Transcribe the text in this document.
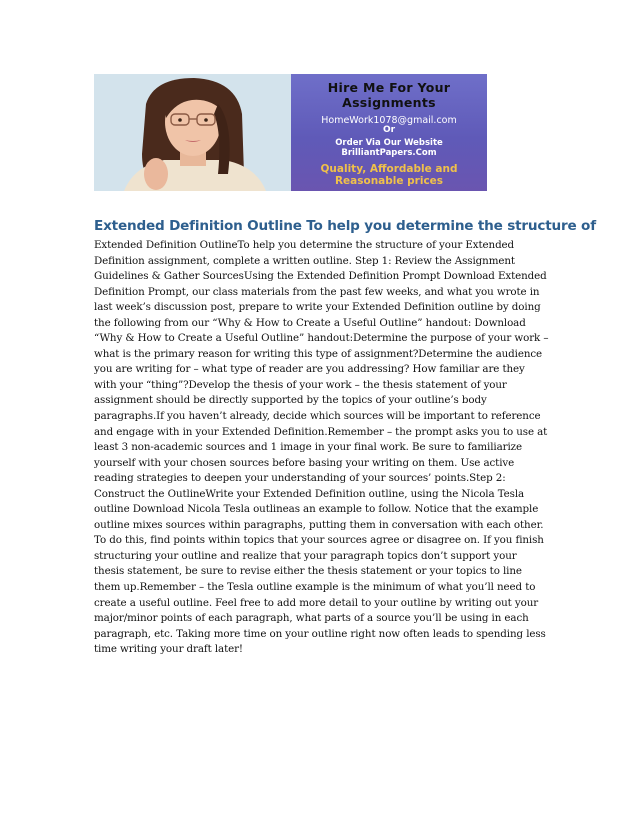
Hire Me For Your
Assignments
HomeWork1078@gmail.com
Or
Order Via Our Website
BrilliantPapers.Com
Quality, Affordable and
Reasonable prices
Extended Definition Outline To help you determine the structure of

Extended Definition OutlineTo help you determine the structure of your Extended Definition assignment, complete a written outline. Step 1: Review the Assignment Guidelines & Gather SourcesUsing the Extended Definition Prompt Download Extended Definition Prompt, our class materials from the past few weeks, and what you wrote in last week’s discussion post, prepare to write your Extended Definition outline by doing the following from our “Why & How to Create a Useful Outline” handout: Download “Why & How to Create a Useful Outline” handout:Determine the purpose of your work – what is the primary reason for writing this type of assignment?Determine the audience you are writing for – what type of reader are you addressing? How familiar are they with your “thing”?Develop the thesis of your work – the thesis statement of your assignment should be directly supported by the topics of your outline’s body paragraphs.If you haven’t already, decide which sources will be important to reference and engage with in your Extended Definition.Remember – the prompt asks you to use at least 3 non-academic sources and 1 image in your final work. Be sure to familiarize yourself with your chosen sources before basing your writing on them. Use active reading strategies to deepen your understanding of your sources’ points.Step 2: Construct the OutlineWrite your Extended Definition outline, using the Nicola Tesla outline Download Nicola Tesla outlineas an example to follow. Notice that the example outline mixes sources within paragraphs, putting them in conversation with each other. To do this, find points within topics that your sources agree or disagree on. If you finish structuring your outline and realize that your paragraph topics don’t support your thesis statement, be sure to revise either the thesis statement or your topics to line them up.Remember – the Tesla outline example is the minimum of what you’ll need to create a useful outline. Feel free to add more detail to your outline by writing out your major/minor points of each paragraph, what parts of a source you’ll be using in each paragraph, etc. Taking more time on your outline right now often leads to spending less time writing your draft later!
